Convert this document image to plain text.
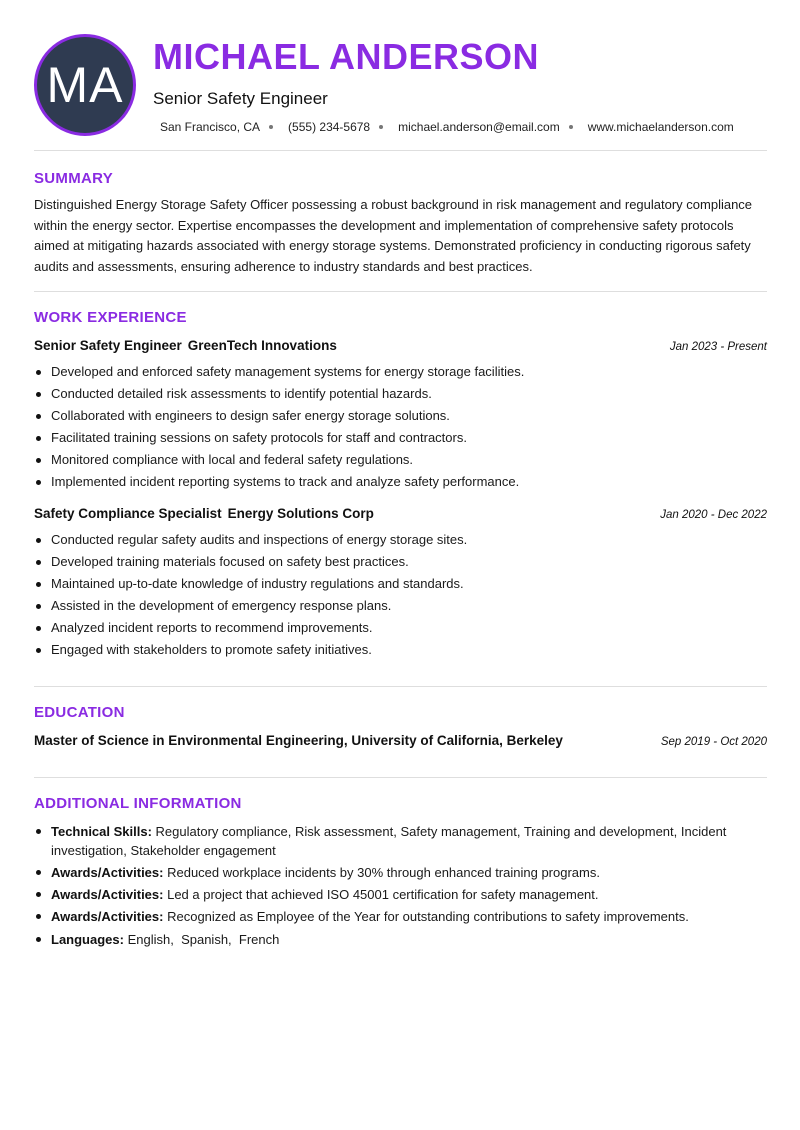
MA
MICHAEL ANDERSON
Senior Safety Engineer
San Francisco, CA (555) 234-5678 michael.anderson@email.com www.michaelanderson.com
SUMMARY
Distinguished Energy Storage Safety Officer possessing a robust background in risk management and regulatory compliance within the energy sector. Expertise encompasses the development and implementation of comprehensive safety protocols aimed at mitigating hazards associated with energy storage systems. Demonstrated proficiency in conducting rigorous safety audits and assessments, ensuring adherence to industry standards and best practices.
WORK EXPERIENCE
Senior Safety Engineer GreenTech Innovations	Jan 2023 - Present
Developed and enforced safety management systems for energy storage facilities.
Conducted detailed risk assessments to identify potential hazards.
Collaborated with engineers to design safer energy storage solutions.
Facilitated training sessions on safety protocols for staff and contractors.
Monitored compliance with local and federal safety regulations.
Implemented incident reporting systems to track and analyze safety performance.
Safety Compliance Specialist Energy Solutions Corp	Jan 2020 - Dec 2022
Conducted regular safety audits and inspections of energy storage sites.
Developed training materials focused on safety best practices.
Maintained up-to-date knowledge of industry regulations and standards.
Assisted in the development of emergency response plans.
Analyzed incident reports to recommend improvements.
Engaged with stakeholders to promote safety initiatives.
EDUCATION
Master of Science in Environmental Engineering, University of California, Berkeley	Sep 2019 - Oct 2020
ADDITIONAL INFORMATION
Technical Skills: Regulatory compliance, Risk assessment, Safety management, Training and development, Incident investigation, Stakeholder engagement
Awards/Activities: Reduced workplace incidents by 30% through enhanced training programs.
Awards/Activities: Led a project that achieved ISO 45001 certification for safety management.
Awards/Activities: Recognized as Employee of the Year for outstanding contributions to safety improvements.
Languages: English,  Spanish,  French
